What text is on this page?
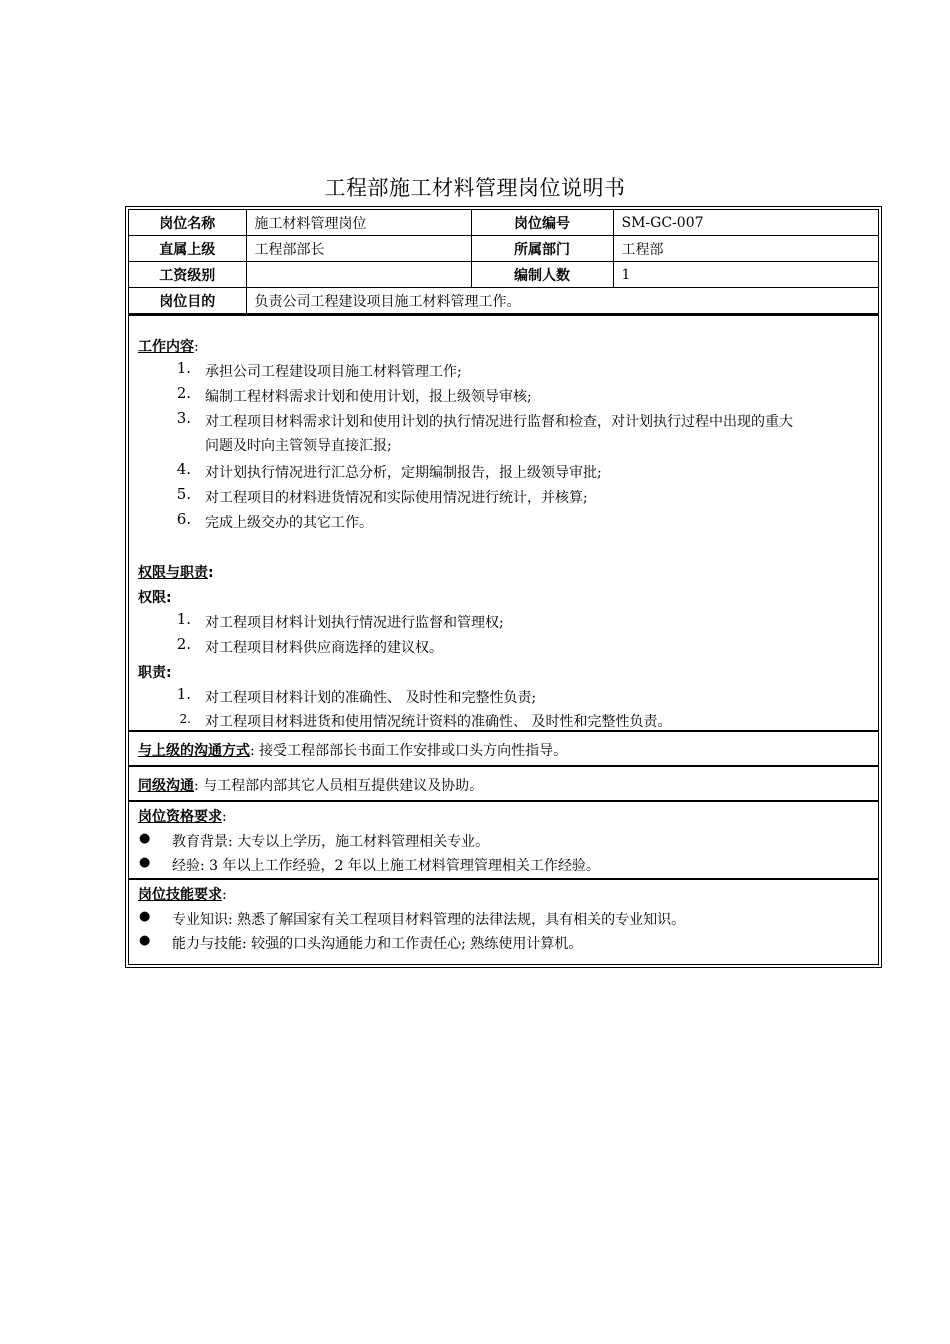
工程部施工材料管理岗位说明书
岗位名称	施工材料管理岗位	岗位编号	SM-GC-007
直属上级	工程部部长	所属部门	工程部
工资级别		编制人数	1
岗位目的	负责公司工程建设项目施工材料管理工作。		
工作内容:
1. 承担公司工程建设项目施工材料管理工作;
2. 编制工程材料需求计划和使用计划，报上级领导审核;
3. 对工程项目材料需求计划和使用计划的执行情况进行监督和检查，对计划执行过程中出现的重大
问题及时向主管领导直接汇报;
4. 对计划执行情况进行汇总分析，定期编制报告，报上级领导审批;
5. 对工程项目的材料进货情况和实际使用情况进行统计，并核算;
6. 完成上级交办的其它工作。
权限与职责:
权限:
1. 对工程项目材料计划执行情况进行监督和管理权;
2. 对工程项目材料供应商选择的建议权。
职责:
1. 对工程项目材料计划的准确性、 及时性和完整性负责;
2. 对工程项目材料进货和使用情况统计资料的准确性、 及时性和完整性负责。
与上级的沟通方式: 接受工程部部长书面工作安排或口头方向性指导。
同级沟通: 与工程部内部其它人员相互提供建议及协助。
岗位资格要求:
● 教育背景: 大专以上学历，施工材料管理相关专业。
● 经验: 3 年以上工作经验，2 年以上施工材料管理管理相关工作经验。
岗位技能要求:
● 专业知识: 熟悉了解国家有关工程项目材料管理的法律法规，具有相关的专业知识。
● 能力与技能: 较强的口头沟通能力和工作责任心; 熟练使用计算机。
